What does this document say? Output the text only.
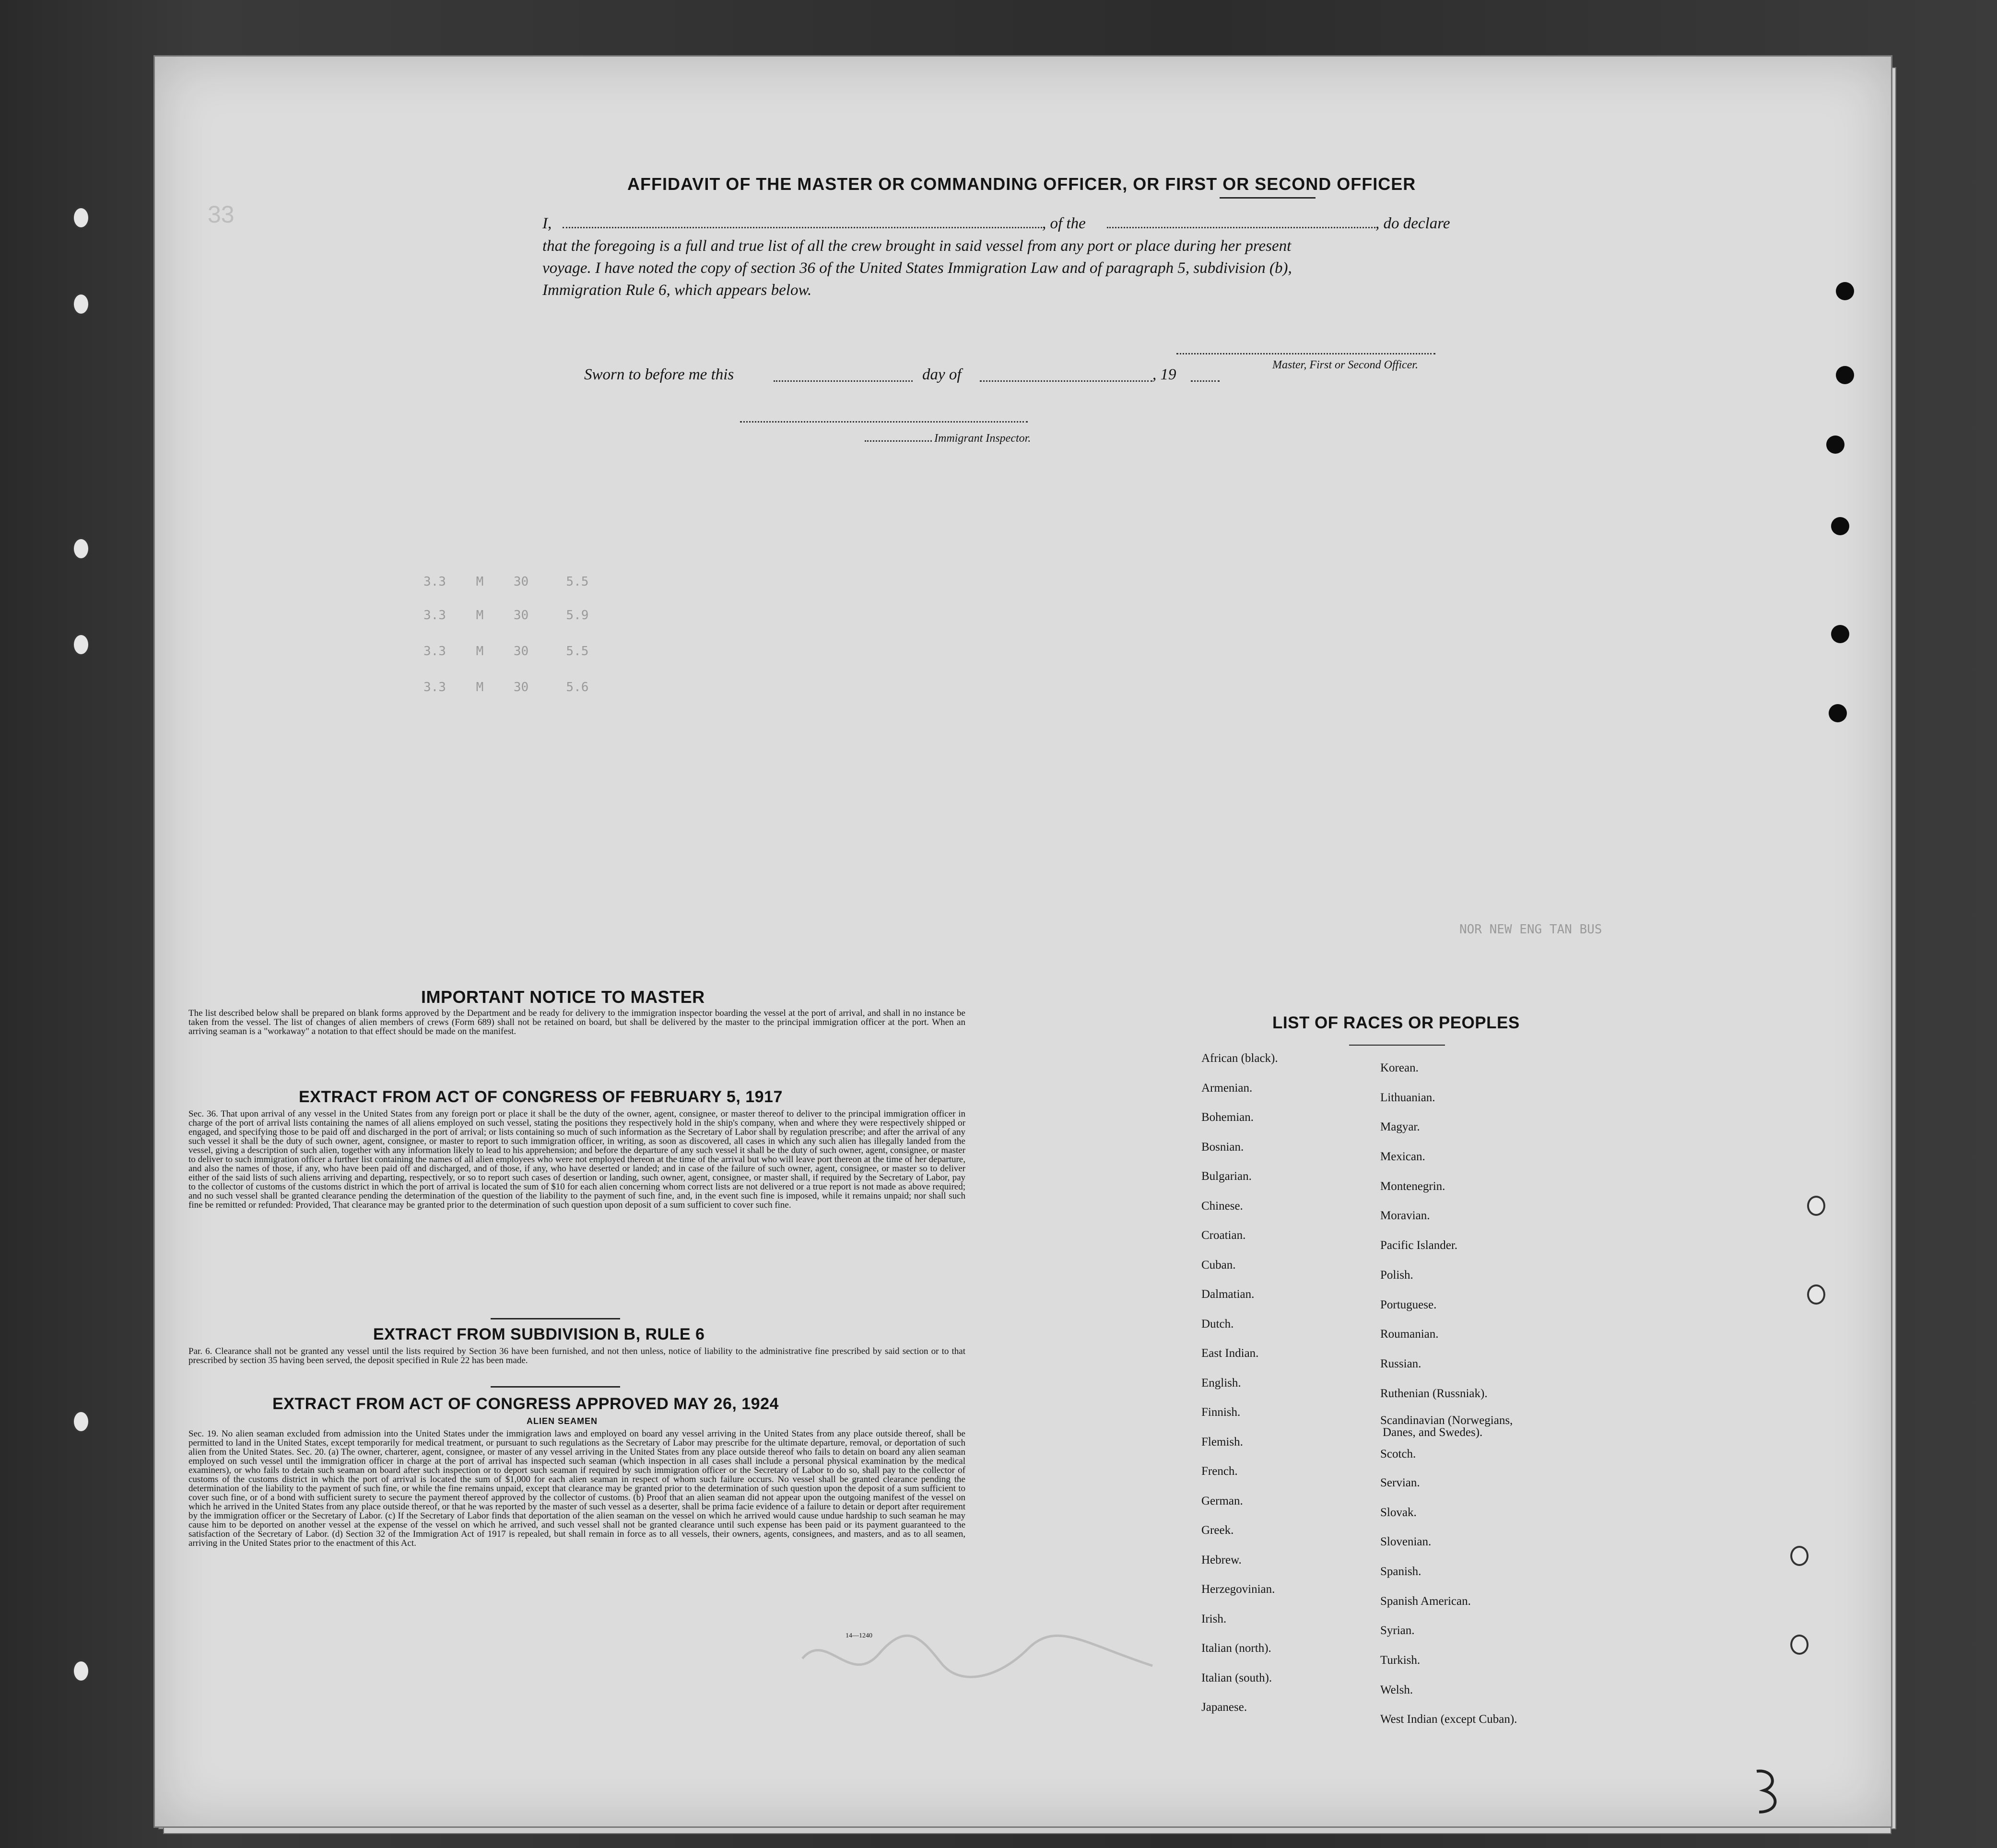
AFFIDAVIT OF THE MASTER OR COMMANDING OFFICER, OR FIRST OR SECOND OFFICER
33	I,	, of the	, do declare
that the foregoing is a full and true list of all the crew brought in said vessel from any port or place during her present
voyage. I have noted the copy of section 36 of the United States Immigration Law and of paragraph 5, subdivision (b),
Immigration Rule 6, which appears below.
Master, First or Second Officer.
Sworn to before me this	day of	, 19
Immigrant Inspector.
3.3    M    30     5.5
3.3    M    30     5.9
3.3    M    30     5.5
3.3    M    30     5.6
NOR NEW ENG TAN BUS
IMPORTANT NOTICE TO MASTER
The list described below shall be prepared on blank forms approved by the Department and be ready for delivery to the immigration inspector boarding the vessel at the port of arrival, and shall in no instance be taken from the vessel. The list of changes of alien members of crews (Form 689) shall not be retained on board, but shall be delivered by the master to the principal immigration officer at the port. When an arriving seaman is a "workaway" a notation to that effect should be made on the manifest.
EXTRACT FROM ACT OF CONGRESS OF FEBRUARY 5, 1917
Sec. 36. That upon arrival of any vessel in the United States from any foreign port or place it shall be the duty of the owner, agent, consignee, or master thereof to deliver to the principal immigration officer in charge of the port of arrival lists containing the names of all aliens employed on such vessel, stating the positions they respectively hold in the ship's company, when and where they were respectively shipped or engaged, and specifying those to be paid off and discharged in the port of arrival; or lists containing so much of such information as the Secretary of Labor shall by regulation prescribe; and after the arrival of any such vessel it shall be the duty of such owner, agent, consignee, or master to report to such immigration officer, in writing, as soon as discovered, all cases in which any such alien has illegally landed from the vessel, giving a description of such alien, together with any information likely to lead to his apprehension; and before the departure of any such vessel it shall be the duty of such owner, agent, consignee, or master to deliver to such immigration officer a further list containing the names of all alien employees who were not employed thereon at the time of the arrival but who will leave port thereon at the time of her departure, and also the names of those, if any, who have been paid off and discharged, and of those, if any, who have deserted or landed; and in case of the failure of such owner, agent, consignee, or master so to deliver either of the said lists of such aliens arriving and departing, respectively, or so to report such cases of desertion or landing, such owner, agent, consignee, or master shall, if required by the Secretary of Labor, pay to the collector of customs of the customs district in which the port of arrival is located the sum of $10 for each alien concerning whom correct lists are not delivered or a true report is not made as above required; and no such vessel shall be granted clearance pending the determination of the question of the liability to the payment of such fine, and, in the event such fine is imposed, while it remains unpaid; nor shall such fine be remitted or refunded: Provided, That clearance may be granted prior to the determination of such question upon deposit of a sum sufficient to cover such fine.
EXTRACT FROM SUBDIVISION B, RULE 6
Par. 6. Clearance shall not be granted any vessel until the lists required by Section 36 have been furnished, and not then unless, notice of liability to the administrative fine prescribed by said section or to that prescribed by section 35 having been served, the deposit specified in Rule 22 has been made.
EXTRACT FROM ACT OF CONGRESS APPROVED MAY 26, 1924
ALIEN SEAMEN
Sec. 19. No alien seaman excluded from admission into the United States under the immigration laws and employed on board any vessel arriving in the United States from any place outside thereof, shall be permitted to land in the United States, except temporarily for medical treatment, or pursuant to such regulations as the Secretary of Labor may prescribe for the ultimate departure, removal, or deportation of such alien from the United States. Sec. 20. (a) The owner, charterer, agent, consignee, or master of any vessel arriving in the United States from any place outside thereof who fails to detain on board any alien seaman employed on such vessel until the immigration officer in charge at the port of arrival has inspected such seaman (which inspection in all cases shall include a personal physical examination by the medical examiners), or who fails to detain such seaman on board after such inspection or to deport such seaman if required by such immigration officer or the Secretary of Labor to do so, shall pay to the collector of customs of the customs district in which the port of arrival is located the sum of $1,000 for each alien seaman in respect of whom such failure occurs. No vessel shall be granted clearance pending the determination of the liability to the payment of such fine, or while the fine remains unpaid, except that clearance may be granted prior to the determination of such question upon the deposit of a sum sufficient to cover such fine, or of a bond with sufficient surety to secure the payment thereof approved by the collector of customs. (b) Proof that an alien seaman did not appear upon the outgoing manifest of the vessel on which he arrived in the United States from any place outside thereof, or that he was reported by the master of such vessel as a deserter, shall be prima facie evidence of a failure to detain or deport after requirement by the immigration officer or the Secretary of Labor. (c) If the Secretary of Labor finds that deportation of the alien seaman on the vessel on which he arrived would cause undue hardship to such seaman he may cause him to be deported on another vessel at the expense of the vessel on which he arrived, and such vessel shall not be granted clearance until such expense has been paid or its payment guaranteed to the satisfaction of the Secretary of Labor. (d) Section 32 of the Immigration Act of 1917 is repealed, but shall remain in force as to all vessels, their owners, agents, consignees, and masters, and as to all seamen, arriving in the United States prior to the enactment of this Act.
14—1240
LIST OF RACES OR PEOPLES
African (black).
Armenian.
Bohemian.
Bosnian.
Bulgarian.
Chinese.
Croatian.
Cuban.
Dalmatian.
Dutch.
East Indian.
English.
Finnish.
Flemish.
French.
German.
Greek.
Hebrew.
Herzegovinian.
Irish.
Italian (north).
Italian (south).
Japanese.
Korean.
Lithuanian.
Magyar.
Mexican.
Montenegrin.
Moravian.
Pacific Islander.
Polish.
Portuguese.
Roumanian.
Russian.
Ruthenian (Russniak).
Scandinavian (Norwegians,
Danes, and Swedes).
Scotch.
Servian.
Slovak.
Slovenian.
Spanish.
Spanish American.
Syrian.
Turkish.
Welsh.
West Indian (except Cuban).
